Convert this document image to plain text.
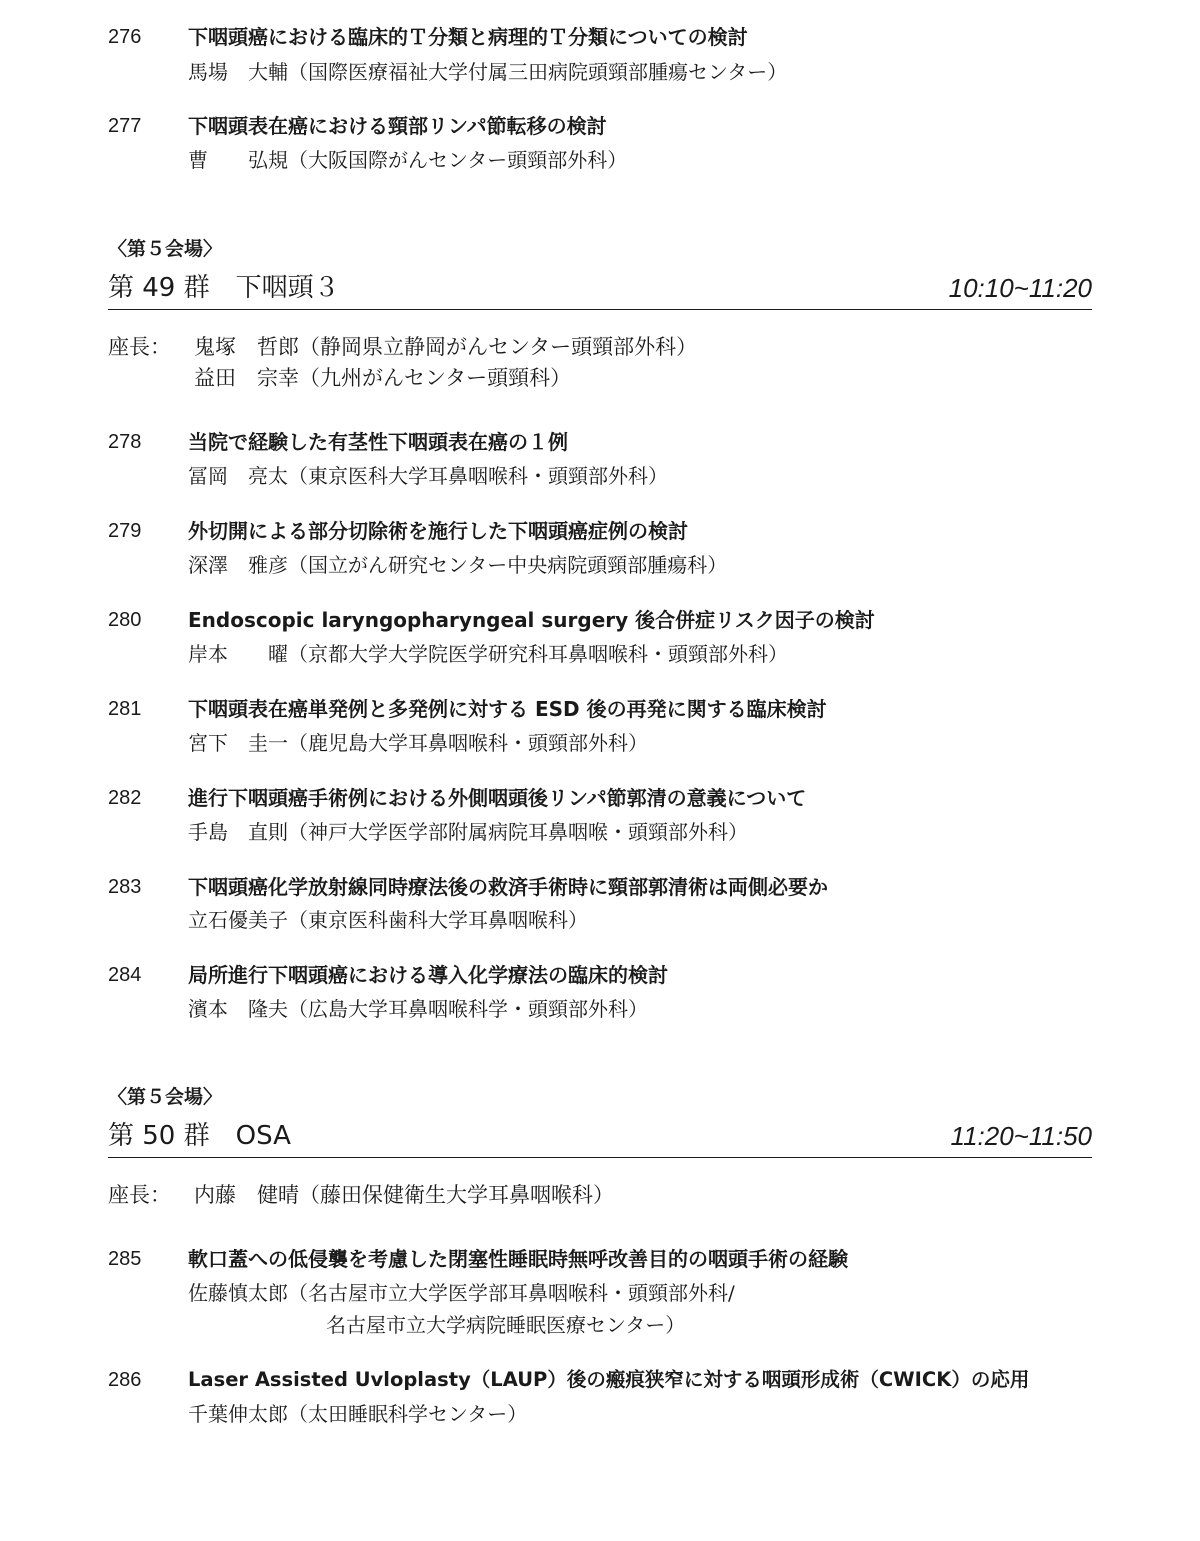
276 下咽頭癌における臨床的Ｔ分類と病理的Ｔ分類についての検討
馬場　大輔（国際医療福祉大学付属三田病院頭頸部腫瘍センター）
277 下咽頭表在癌における頸部リンパ節転移の検討
曹　　弘規（大阪国際がんセンター頭頸部外科）
〈第５会場〉
第 49 群　下咽頭３	10:10~11:20
座長： 鬼塚　哲郎（静岡県立静岡がんセンター頭頸部外科）
益田　宗幸（九州がんセンター頭頸科）
278 当院で経験した有茎性下咽頭表在癌の１例
冨岡　亮太（東京医科大学耳鼻咽喉科・頭頸部外科）
279 外切開による部分切除術を施行した下咽頭癌症例の検討
深澤　雅彦（国立がん研究センター中央病院頭頸部腫瘍科）
280 Endoscopic laryngopharyngeal surgery 後合併症リスク因子の検討
岸本　　曜（京都大学大学院医学研究科耳鼻咽喉科・頭頸部外科）
281 下咽頭表在癌単発例と多発例に対する ESD 後の再発に関する臨床検討
宮下　圭一（鹿児島大学耳鼻咽喉科・頭頸部外科）
282 進行下咽頭癌手術例における外側咽頭後リンパ節郭清の意義について
手島　直則（神戸大学医学部附属病院耳鼻咽喉・頭頸部外科）
283 下咽頭癌化学放射線同時療法後の救済手術時に頸部郭清術は両側必要か
立石優美子（東京医科歯科大学耳鼻咽喉科）
284 局所進行下咽頭癌における導入化学療法の臨床的検討
濱本　隆夫（広島大学耳鼻咽喉科学・頭頸部外科）
〈第５会場〉
第 50 群　OSA	11:20~11:50
座長： 内藤　健晴（藤田保健衛生大学耳鼻咽喉科）
285 軟口蓋への低侵襲を考慮した閉塞性睡眠時無呼改善目的の咽頭手術の経験
佐藤慎太郎（名古屋市立大学医学部耳鼻咽喉科・頭頸部外科/
名古屋市立大学病院睡眠医療センター）
286 Laser Assisted Uvloplasty（LAUP）後の瘢痕狭窄に対する咽頭形成術（CWICK）の応用
千葉伸太郎（太田睡眠科学センター）
